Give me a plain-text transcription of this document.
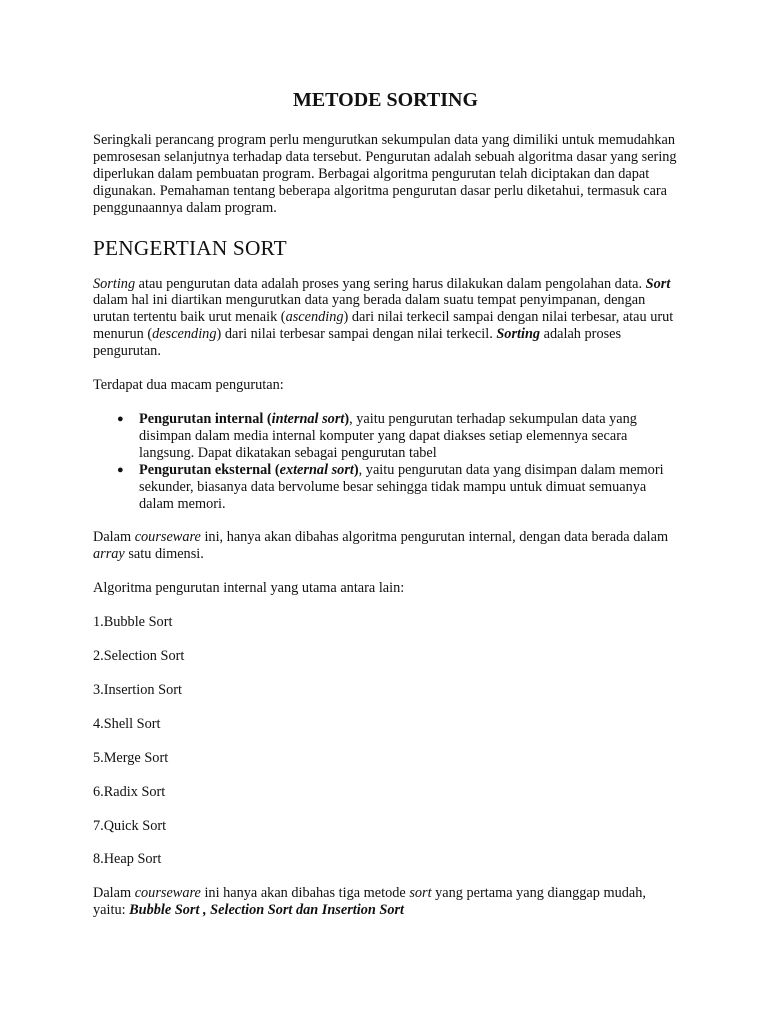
METODE SORTING

Seringkali perancang program perlu mengurutkan sekumpulan data yang dimiliki untuk memudahkan pemrosesan selanjutnya terhadap data tersebut. Pengurutan adalah sebuah algoritma dasar yang sering diperlukan dalam pembuatan program. Berbagai algoritma pengurutan telah diciptakan dan dapat digunakan. Pemahaman tentang beberapa algoritma pengurutan dasar perlu diketahui, termasuk cara penggunaannya dalam program.

PENGERTIAN SORT

Sorting atau pengurutan data adalah proses yang sering harus dilakukan dalam pengolahan data. Sort dalam hal ini diartikan mengurutkan data yang berada dalam suatu tempat penyimpanan, dengan urutan tertentu baik urut menaik (ascending) dari nilai terkecil sampai dengan nilai terbesar, atau urut menurun (descending) dari nilai terbesar sampai dengan nilai terkecil. Sorting adalah proses pengurutan.

Terdapat dua macam pengurutan:

● Pengurutan internal (internal sort), yaitu pengurutan terhadap sekumpulan data yang disimpan dalam media internal komputer yang dapat diakses setiap elemennya secara langsung. Dapat dikatakan sebagai pengurutan tabel
● Pengurutan eksternal (external sort), yaitu pengurutan data yang disimpan dalam memori sekunder, biasanya data bervolume besar sehingga tidak mampu untuk dimuat semuanya dalam memori.

Dalam courseware ini, hanya akan dibahas algoritma pengurutan internal, dengan data berada dalam array satu dimensi.

Algoritma pengurutan internal yang utama antara lain:

1.Bubble Sort

2.Selection Sort

3.Insertion Sort

4.Shell Sort

5.Merge Sort

6.Radix Sort

7.Quick Sort

8.Heap Sort

Dalam courseware ini hanya akan dibahas tiga metode sort yang pertama yang dianggap mudah, yaitu: Bubble Sort , Selection Sort dan Insertion Sort
